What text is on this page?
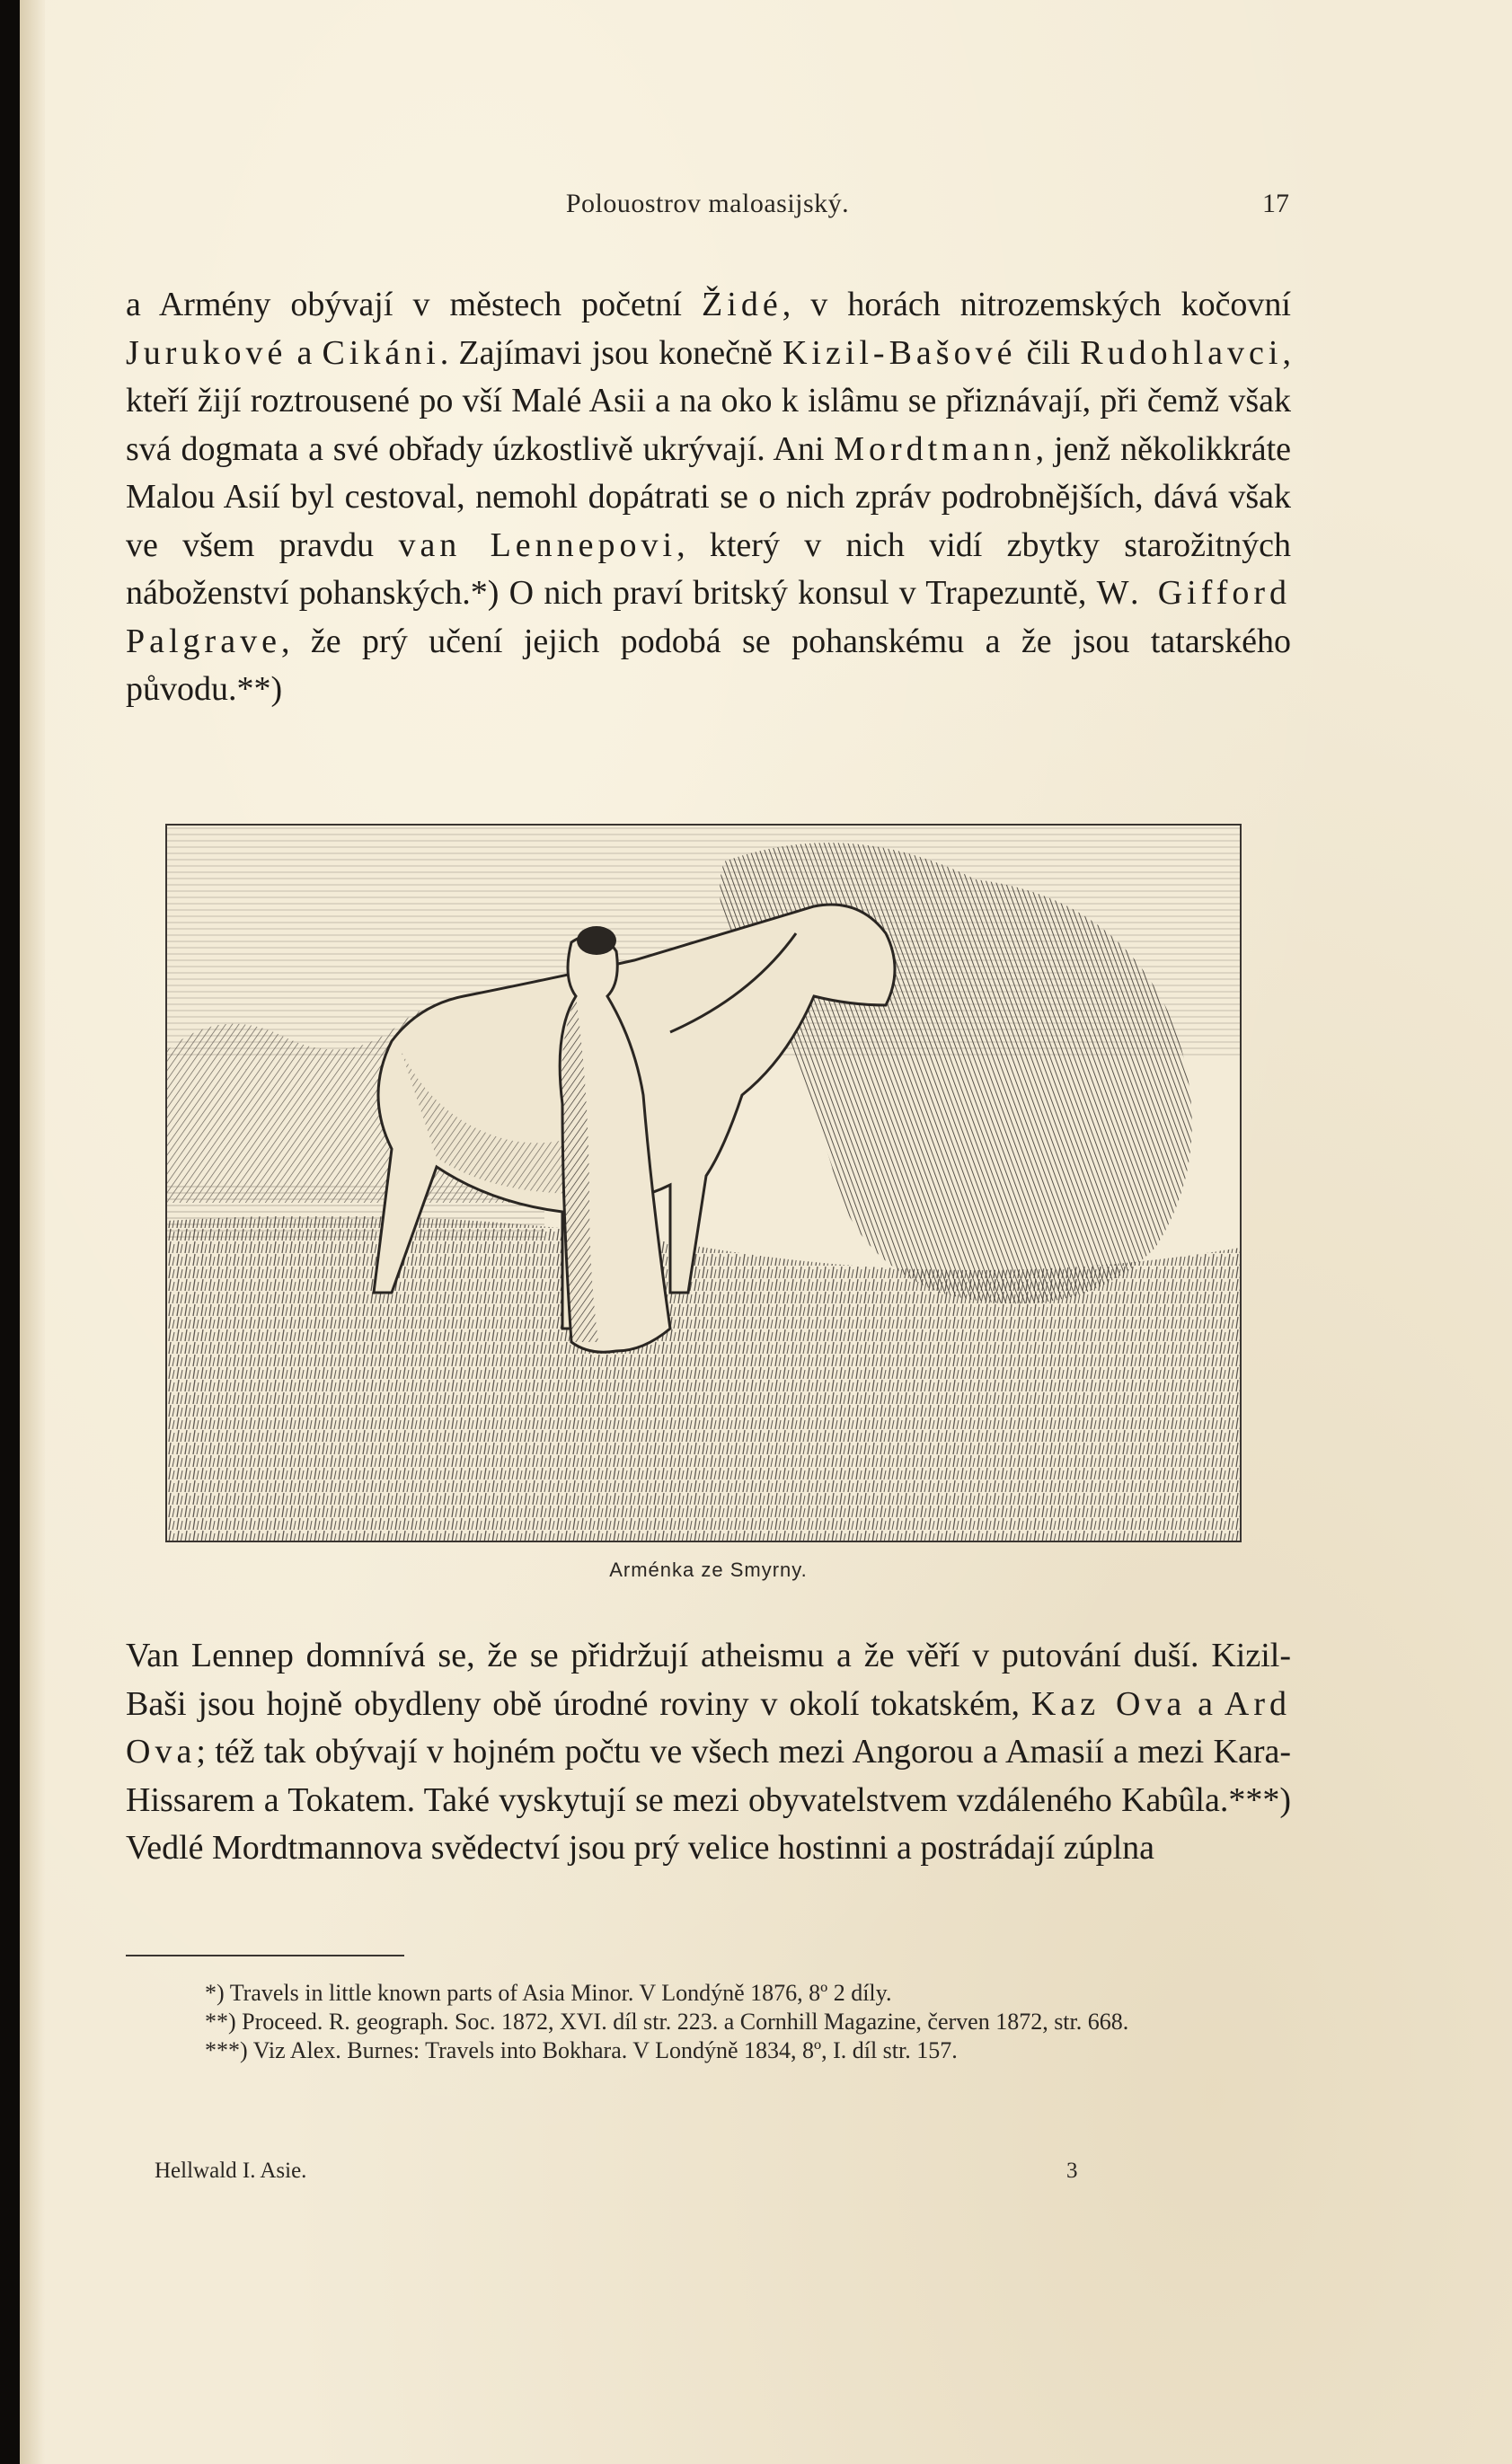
Polouostrov maloasijský.	17
a Armény obývají v městech početní Židé, v horách nitrozemských kočovní Jurukové a Cikáni. Zajímavi jsou konečně Kizil-Bašové čili Rudohlavci, kteří žijí roztrousené po vší Malé Asii a na oko k islâmu se přiznávají, při čemž však svá dogmata a své obřady úzkostlivě ukrývají. Ani Mordtmann, jenž několikkráte Malou Asií byl cestoval, nemohl dopátrati se o nich zpráv podrobnějších, dává však ve všem pravdu van Lennepovi, který v nich vidí zbytky starožitných náboženství pohanských.*) O nich praví britský konsul v Trapezuntě, W. Gifford Palgrave, že prý učení jejich podobá se pohanskému a že jsou tatarského původu.**)
Arménka ze Smyrny.
Van Lennep domnívá se, že se přidržují atheismu a že věří v putování duší. Kizil-Baši jsou hojně obydleny obě úrodné roviny v okolí tokatském, Kaz Ova a Ard Ova; též tak obývají v hojném počtu ve všech mezi Angorou a Amasií a mezi Kara-Hissarem a Tokatem. Také vyskytují se mezi obyvatelstvem vzdáleného Kabûla.***) Vedlé Mordtmannova svědectví jsou prý velice hostinni a postrádají zúplna

*) Travels in little known parts of Asia Minor. V Londýně 1876, 8º 2 díly.

**) Proceed. R. geograph. Soc. 1872, XVI. díl str. 223. a Cornhill Magazine, červen 1872, str. 668.

***) Viz Alex. Burnes: Travels into Bokhara. V Londýně 1834, 8º, I. díl str. 157.

Hellwald I. Asie.	3
